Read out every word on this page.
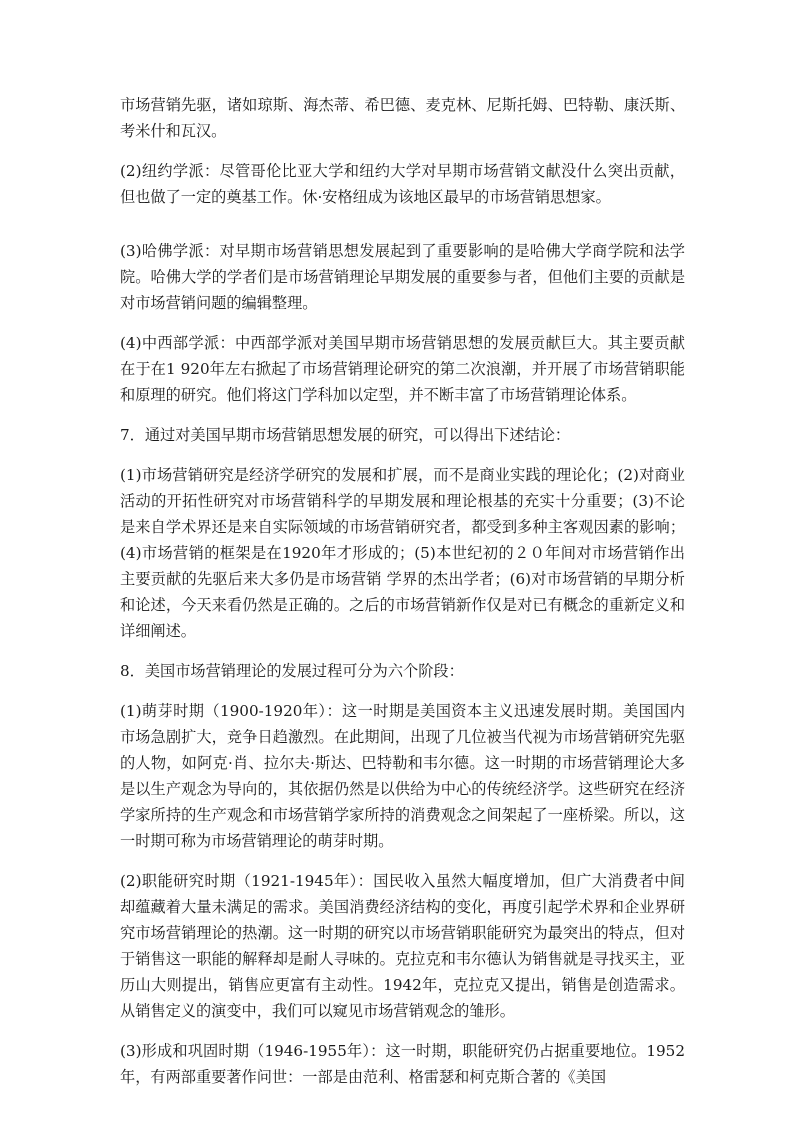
市场营销先驱，诸如琼斯、海杰蒂、希巴德、麦克林、尼斯托姆、巴特勒、康沃斯、考米什和瓦汉。

(2)纽约学派：尽管哥伦比亚大学和纽约大学对早期市场营销文献没什么突出贡献，但也做了一定的奠基工作。休·安格纽成为该地区最早的市场营销思想家。

(3)哈佛学派：对早期市场营销思想发展起到了重要影响的是哈佛大学商学院和法学院。哈佛大学的学者们是市场营销理论早期发展的重要参与者，但他们主要的贡献是对市场营销问题的编辑整理。

(4)中西部学派：中西部学派对美国早期市场营销思想的发展贡献巨大。其主要贡献在于在1 920年左右掀起了市场营销理论研究的第二次浪潮，并开展了市场营销职能和原理的研究。他们将这门学科加以定型，并不断丰富了市场营销理论体系。

7．通过对美国早期市场营销思想发展的研究，可以得出下述结论：

(1)市场营销研究是经济学研究的发展和扩展，而不是商业实践的理论化；(2)对商业活动的开拓性研究对市场营销科学的早期发展和理论根基的充实十分重要；(3)不论是来自学术界还是来自实际领域的市场营销研究者，都受到多种主客观因素的影响；(4)市场营销的框架是在1920年才形成的；(5)本世纪初的２０年间对市场营销作出主要贡献的先驱后来大多仍是市场营销 学界的杰出学者；(6)对市场营销的早期分析和论述，今天来看仍然是正确的。之后的市场营销新作仅是对已有概念的重新定义和详细阐述。

8．美国市场营销理论的发展过程可分为六个阶段：

(1)萌芽时期（1900-1920年）：这一时期是美国资本主义迅速发展时期。美国国内市场急剧扩大，竞争日趋激烈。在此期间，出现了几位被当代视为市场营销研究先驱的人物，如阿克·肖、拉尔夫·斯达、巴特勒和韦尔德。这一时期的市场营销理论大多是以生产观念为导向的，其依据仍然是以供给为中心的传统经济学。这些研究在经济学家所持的生产观念和市场营销学家所持的消费观念之间架起了一座桥梁。所以，这一时期可称为市场营销理论的萌芽时期。

(2)职能研究时期（1921-1945年）：国民收入虽然大幅度增加，但广大消费者中间却蕴藏着大量未满足的需求。美国消费经济结构的变化，再度引起学术界和企业界研究市场营销理论的热潮。这一时期的研究以市场营销职能研究为最突出的特点，但对于销售这一职能的解释却是耐人寻味的。克拉克和韦尔德认为销售就是寻找买主，亚历山大则提出，销售应更富有主动性。1942年，克拉克又提出，销售是创造需求。从销售定义的演变中，我们可以窥见市场营销观念的雏形。

(3)形成和巩固时期（1946-1955年）：这一时期，职能研究仍占据重要地位。1952年，有两部重要著作问世：一部是由范利、格雷瑟和柯克斯合著的《美国
